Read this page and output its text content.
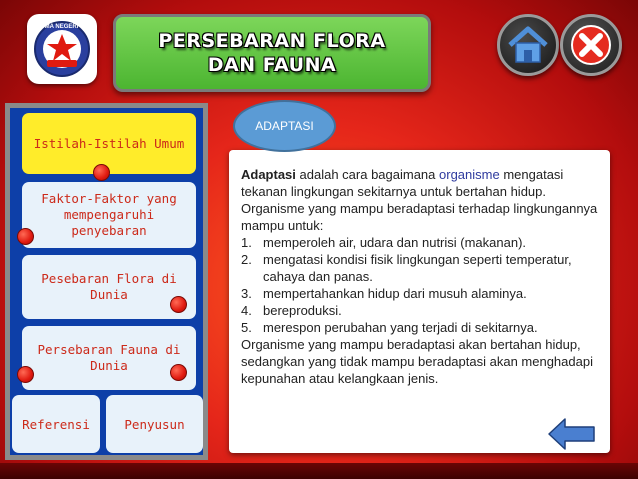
SMA NEGERI 7
PERSEBARAN FLORA
DAN FAUNA
Istilah-Istilah Umum
Faktor-Faktor yang mempengaruhi penyebaran
Pesebaran Flora di Dunia
Persebaran Fauna di Dunia
Referensi	Penyusun
ADAPTASI

Adaptasi adalah cara bagaimana organisme mengatasi tekanan lingkungan sekitarnya untuk bertahan hidup.

Organisme yang mampu beradaptasi terhadap lingkungannya mampu untuk:

1. memperoleh air, udara dan nutrisi (makanan).
2. mengatasi kondisi fisik lingkungan seperti temperatur, cahaya dan panas.
3. mempertahankan hidup dari musuh alaminya.
4. bereproduksi.
5. merespon perubahan yang terjadi di sekitarnya.

Organisme yang mampu beradaptasi akan bertahan hidup, sedangkan yang tidak mampu beradaptasi akan menghadapi kepunahan atau kelangkaan jenis.
